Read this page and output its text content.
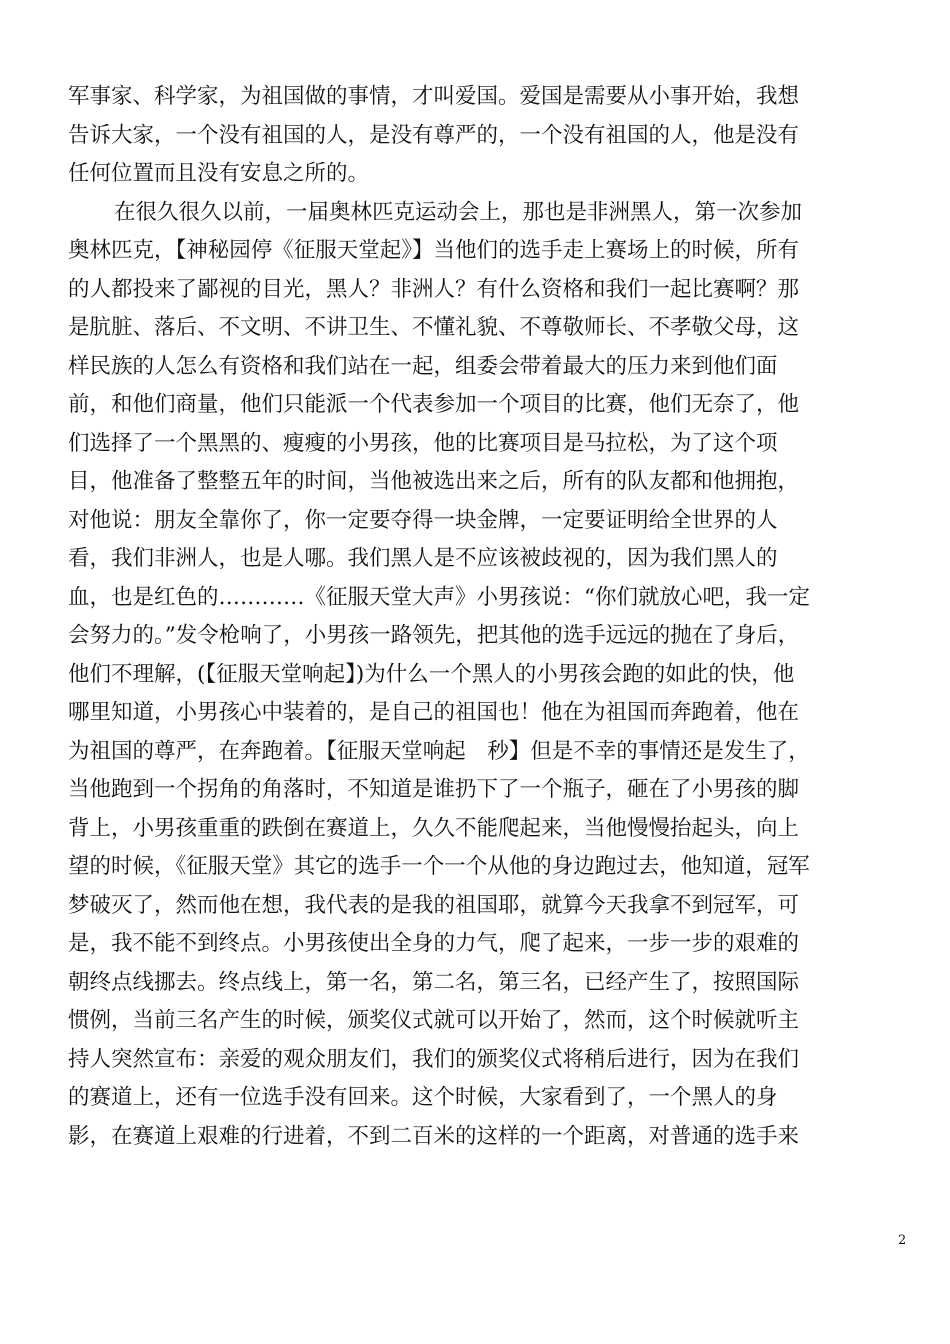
军事家、科学家，为祖国做的事情，才叫爱国。爱国是需要从小事开始，我想
告诉大家，一个没有祖国的人，是没有尊严的，一个没有祖国的人，他是没有
任何位置而且没有安息之所的。
在很久很久以前，一届奥林匹克运动会上，那也是非洲黑人，第一次参加
奥林匹克，【神秘园停《征服天堂起》】当他们的选手走上赛场上的时候，所有
的人都投来了鄙视的目光，黑人？非洲人？有什么资格和我们一起比赛啊？那
是肮脏、落后、不文明、不讲卫生、不懂礼貌、不尊敬师长、不孝敬父母，这
样民族的人怎么有资格和我们站在一起，组委会带着最大的压力来到他们面
前，和他们商量，他们只能派一个代表参加一个项目的比赛，他们无奈了，他
们选择了一个黑黑的、瘦瘦的小男孩，他的比赛项目是马拉松，为了这个项
目，他准备了整整五年的时间，当他被选出来之后，所有的队友都和他拥抱，
对他说：朋友全靠你了，你一定要夺得一块金牌，一定要证明给全世界的人
看，我们非洲人，也是人哪。我们黑人是不应该被歧视的，因为我们黑人的
血，也是红色的…………《征服天堂大声》小男孩说：“你们就放心吧，我一定
会努力的。”发令枪响了，小男孩一路领先，把其他的选手远远的抛在了身后，
他们不理解，(【征服天堂响起】)为什么一个黑人的小男孩会跑的如此的快，他
哪里知道，小男孩心中装着的，是自己的祖国也！他在为祖国而奔跑着，他在
为祖国的尊严，在奔跑着。【征服天堂响起　秒】但是不幸的事情还是发生了，
当他跑到一个拐角的角落时，不知道是谁扔下了一个瓶子，砸在了小男孩的脚
背上，小男孩重重的跌倒在赛道上，久久不能爬起来，当他慢慢抬起头，向上
望的时候，《征服天堂》其它的选手一个一个从他的身边跑过去，他知道，冠军
梦破灭了，然而他在想，我代表的是我的祖国耶，就算今天我拿不到冠军，可
是，我不能不到终点。小男孩使出全身的力气，爬了起来，一步一步的艰难的
朝终点线挪去。终点线上，第一名，第二名，第三名，已经产生了，按照国际
惯例，当前三名产生的时候，颁奖仪式就可以开始了，然而，这个时候就听主
持人突然宣布：亲爱的观众朋友们，我们的颁奖仪式将稍后进行，因为在我们
的赛道上，还有一位选手没有回来。这个时候，大家看到了，一个黑人的身
影，在赛道上艰难的行进着，不到二百米的这样的一个距离，对普通的选手来
2
